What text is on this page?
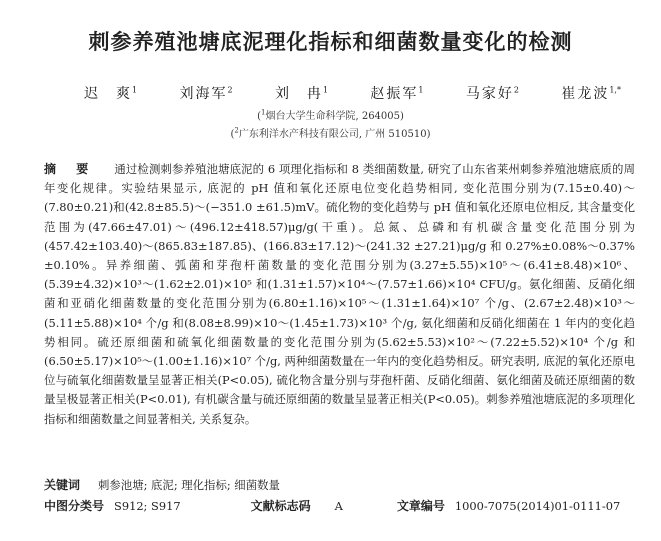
刺参养殖池塘底泥理化指标和细菌数量变化的检测
迟　爽$^1$	刘海军$^2$	刘　冉$^1$	赵振军$^1$	马家好$^2$	崔龙波$^{1,*}$
($^1$烟台大学生命科学院, 264005)
($^2$广东利洋水产科技有限公司, 广州 510510)
摘　要 通过检测刺参养殖池塘底泥的 6 项理化指标和 8 类细菌数量, 研究了山东省莱州刺参养殖池塘底质的周年变化规律。实验结果显示, 底泥的 pH 值和氧化还原电位变化趋势相同, 变化范围分别为(7.15±0.40)～(7.80±0.21)和(42.8±85.5)～(−351.0 ±61.5)mV。硫化物的变化趋势与 pH 值和氧化还原电位相反, 其含量变化范围为(47.66±47.01)～(496.12±418.57)μg/g(干重)。总氮、总磷和有机碳含量变化范围分别为(457.42±103.40)～(865.83±187.85)、(166.83±17.12)～(241.32 ±27.21)μg/g 和 0.27%±0.08%～0.37%±0.10%。异养细菌、弧菌和芽孢杆菌数量的变化范围分别为(3.27±5.55)×10⁵～(6.41±8.48)×10⁶、(5.39±4.32)×10³～(1.62±2.01)×10⁵ 和(1.31±1.57)×10⁴～(7.57±1.66)×10⁴ CFU/g。氨化细菌、反硝化细菌和亚硝化细菌数量的变化范围分别为(6.80±1.16)×10⁵～(1.31±1.64)×10⁷ 个/g、(2.67±2.48)×10³～(5.11±5.88)×10⁴ 个/g 和(8.08±8.99)×10～(1.45±1.73)×10³ 个/g, 氨化细菌和反硝化细菌在 1 年内的变化趋势相同。硫还原细菌和硫氧化细菌数量的变化范围分别为(5.62±5.53)×10²～(7.22±5.52)×10⁴ 个/g 和(6.50±5.17)×10⁵～(1.00±1.16)×10⁷ 个/g, 两种细菌数量在一年内的变化趋势相反。研究表明, 底泥的氧化还原电位与硫氧化细菌数量呈显著正相关(P<0.05), 硫化物含量分别与芽孢杆菌、反硝化细菌、氨化细菌及硫还原细菌的数量呈极显著正相关(P<0.01), 有机碳含量与硫还原细菌的数量呈显著正相关(P<0.05)。刺参养殖池塘底泥的多项理化指标和细菌数量之间显著相关, 关系复杂。
关键词 刺参池塘; 底泥; 理化指标; 细菌数量
中图分类号 S912; S917	文献标志码 A	文章编号 1000-7075(2014)01-0111-07
